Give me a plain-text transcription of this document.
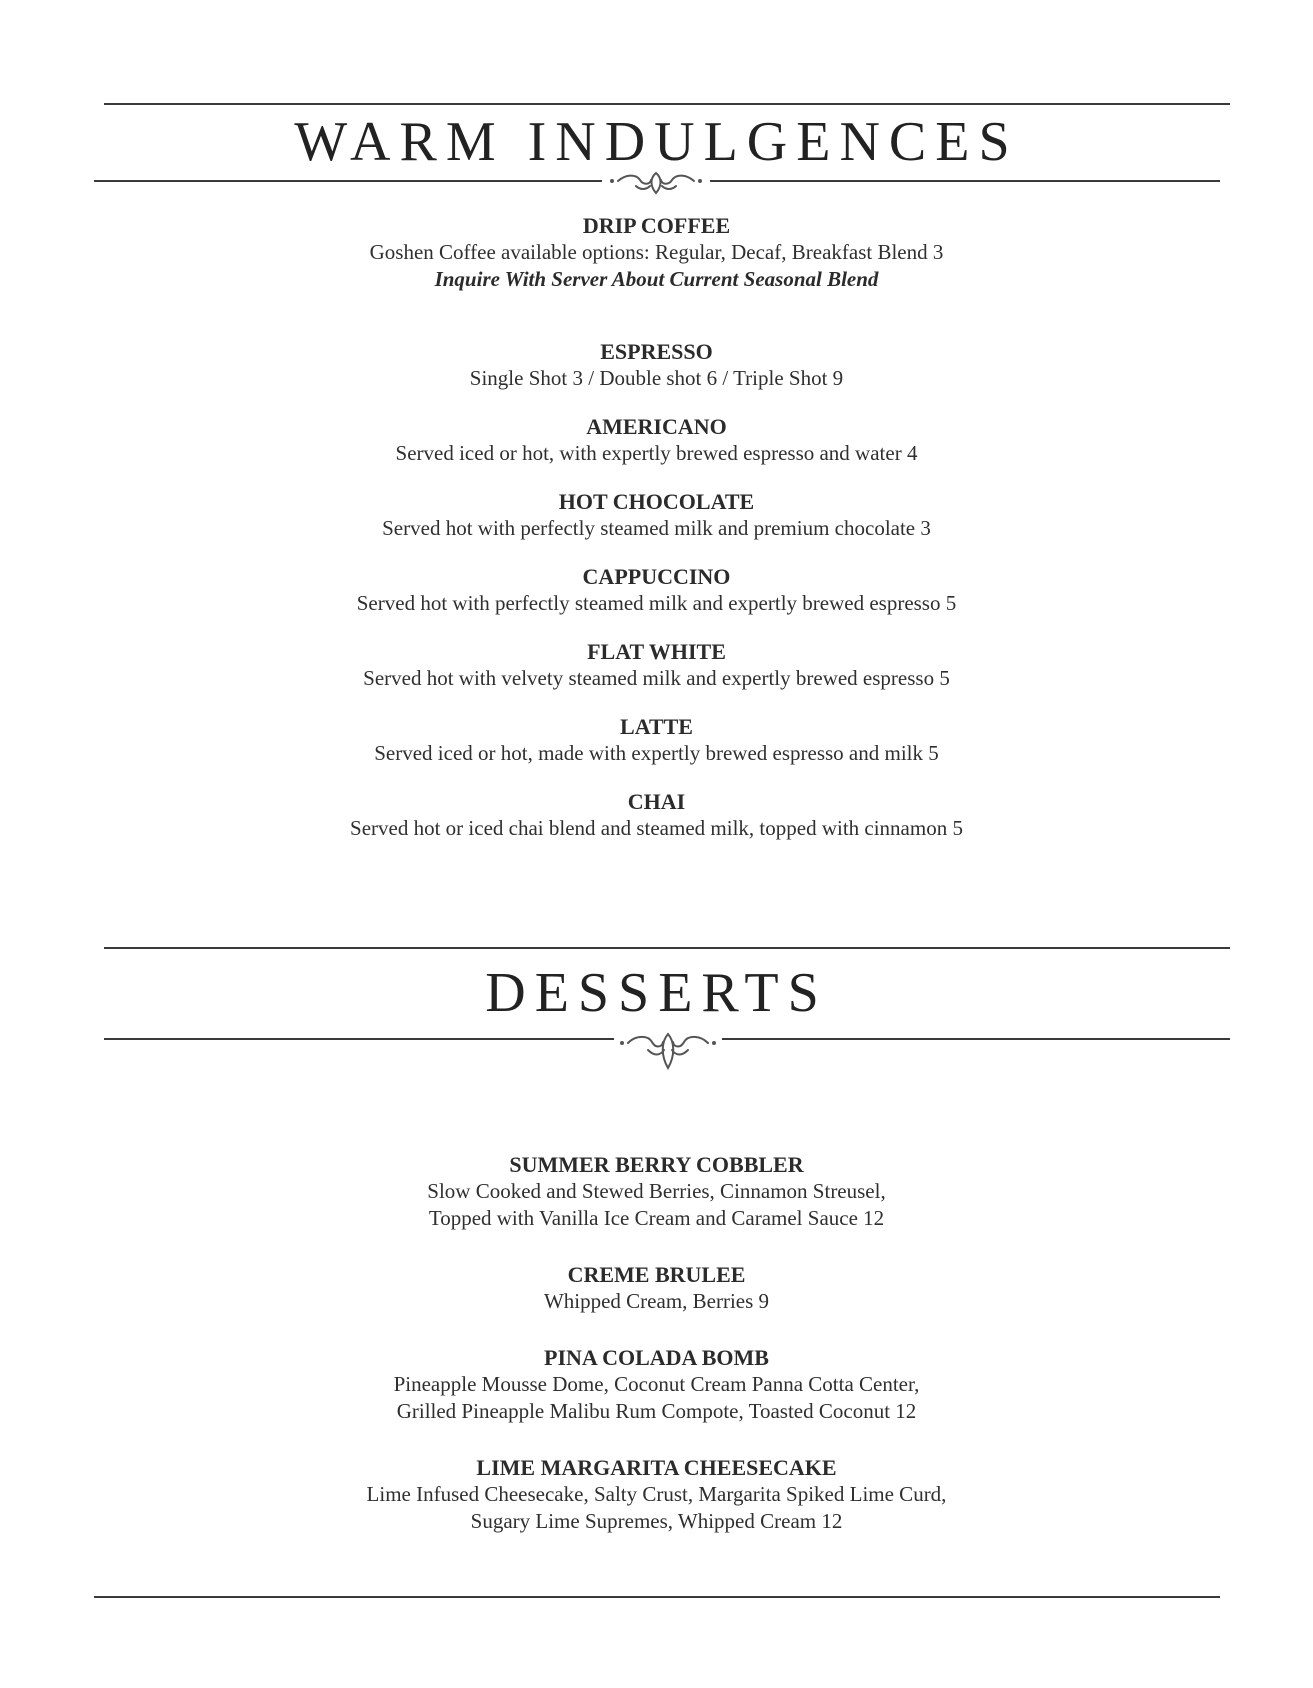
WARM INDULGENCES
DRIP COFFEE
Goshen Coffee available options: Regular, Decaf, Breakfast Blend 3
Inquire With Server About Current Seasonal Blend
ESPRESSO
Single Shot 3 / Double shot 6 / Triple Shot 9
AMERICANO
Served iced or hot, with expertly brewed espresso and water 4
HOT CHOCOLATE
Served hot with perfectly steamed milk and premium chocolate 3
CAPPUCCINO
Served hot with perfectly steamed milk and expertly brewed espresso 5
FLAT WHITE
Served hot with velvety steamed milk and expertly brewed espresso 5
LATTE
Served iced or hot, made with expertly brewed espresso and milk 5
CHAI
Served hot or iced chai blend and steamed milk, topped with cinnamon 5
DESSERTS
SUMMER BERRY COBBLER
Slow Cooked and Stewed Berries, Cinnamon Streusel,
Topped with Vanilla Ice Cream and Caramel Sauce 12
CREME BRULEE
Whipped Cream, Berries 9
PINA COLADA BOMB
Pineapple Mousse Dome, Coconut Cream Panna Cotta Center,
Grilled Pineapple Malibu Rum Compote, Toasted Coconut 12
LIME MARGARITA CHEESECAKE
Lime Infused Cheesecake, Salty Crust, Margarita Spiked Lime Curd,
Sugary Lime Supremes, Whipped Cream 12
